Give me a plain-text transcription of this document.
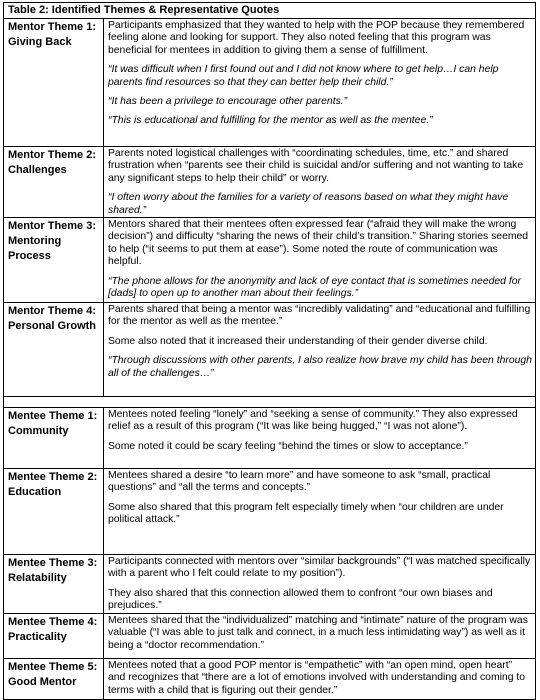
Table 2: Identified Themes & Representative Quotes
Mentor Theme 1:
Giving Back

Participants emphasized that they wanted to help with the POP because they remembered feeling alone and looking for support. They also noted feeling that this program was beneficial for mentees in addition to giving them a sense of fulfillment.

“It was difficult when I first found out and I did not know where to get help…I can help parents find resources so that they can better help their child.”

“It has been a privilege to encourage other parents.”

“This is educational and fulfilling for the mentor as well as the mentee.”

Mentor Theme 2:
Challenges

Parents noted logistical challenges with “coordinating schedules, time, etc.” and shared frustration when “parents see their child is suicidal and/or suffering and not wanting to take any significant steps to help their child” or worry.

“I often worry about the families for a variety of reasons based on what they might have shared.”

Mentor Theme 3:
Mentoring Process

Mentors shared that their mentees often expressed fear (“afraid they will make the wrong decision”) and difficulty “sharing the news of their child’s transition.” Sharing stories seemed to help (“it seems to put them at ease”). Some noted the route of communication was helpful.

“The phone allows for the anonymity and lack of eye contact that is sometimes needed for [dads] to open up to another man about their feelings.”

Mentor Theme 4:
Personal Growth

Parents shared that being a mentor was “incredibly validating” and “educational and fulfilling for the mentor as well as the mentee.”

Some also noted that it increased their understanding of their gender diverse child.

“Through discussions with other parents, I also realize how brave my child has been through all of the challenges…”

Mentee Theme 1:
Community

Mentees noted feeling “lonely” and “seeking a sense of community.” They also expressed relief as a result of this program (“It was like being hugged,” “I was not alone”).

Some noted it could be scary feeling “behind the times or slow to acceptance.”

Mentee Theme 2:
Education

Mentees shared a desire “to learn more” and have someone to ask “small, practical questions” and “all the terms and concepts.”

Some also shared that this program felt especially timely when “our children are under political attack.”

Mentee Theme 3:
Relatability

Participants connected with mentors over “similar backgrounds” (“I was matched specifically with a parent who I felt could relate to my position”).

They also shared that this connection allowed them to confront “our own biases and prejudices.”

Mentee Theme 4:
Practicality

Mentees shared that the “individualized” matching and “intimate” nature of the program was valuable (“I was able to just talk and connect, in a much less intimidating way”) as well as it being a “doctor recommendation.”

Mentee Theme 5:
Good Mentor

Mentees noted that a good POP mentor is “empathetic” with “an open mind, open heart” and recognizes that “there are a lot of emotions involved with understanding and coming to terms with a child that is figuring out their gender.”
